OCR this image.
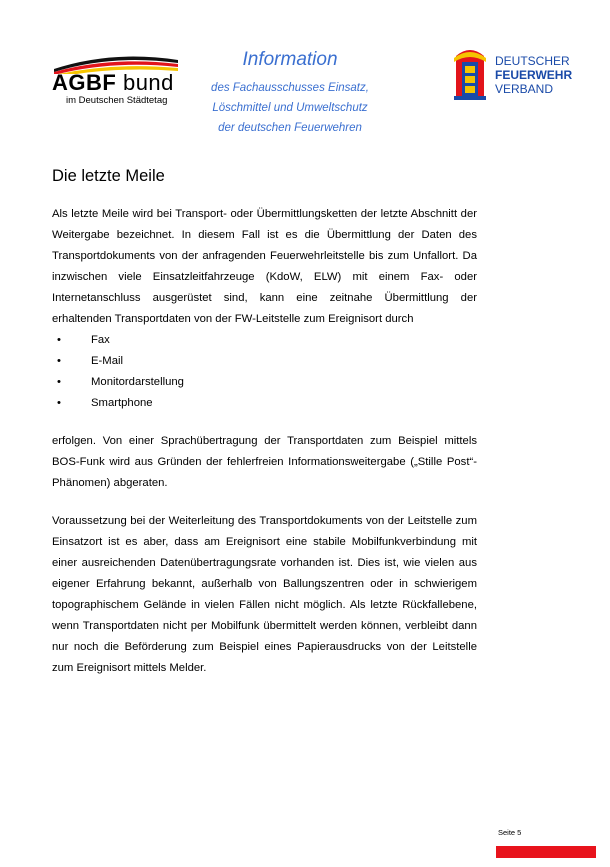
AGBF bund
im Deutschen Städtetag
Information
des Fachausschusses Einsatz,
Löschmittel und Umweltschutz
der deutschen Feuerwehren
DEUTSCHER
FEUERWEHR
VERBAND
Die letzte Meile

Als letzte Meile wird bei Transport- oder Übermittlungsketten der letzte Abschnitt der Weitergabe bezeichnet. In diesem Fall ist es die Übermittlung der Daten des Transportdokuments von der anfragenden Feuerwehrleitstelle bis zum Unfallort. Da inzwischen viele Einsatzleitfahrzeuge (KdoW, ELW) mit einem Fax- oder Internetanschluss ausgerüstet sind, kann eine zeitnahe Übermittlung der erhaltenden Transportdaten von der FW-Leitstelle zum Ereignisort durch

• Fax
• E-Mail
• Monitordarstellung
• Smartphone

erfolgen. Von einer Sprachübertragung der Transportdaten zum Beispiel mittels BOS-Funk wird aus Gründen der fehlerfreien Informationsweitergabe („Stille Post“-Phänomen) abgeraten.

Voraussetzung bei der Weiterleitung des Transportdokuments von der Leitstelle zum Einsatzort ist es aber, dass am Ereignisort eine stabile Mobilfunkverbindung mit einer ausreichenden Datenübertragungsrate vorhanden ist. Dies ist, wie vielen aus eigener Erfahrung bekannt, außerhalb von Ballungszentren oder in schwierigem topographischem Gelände in vielen Fällen nicht möglich. Als letzte Rückfallebene, wenn Transportdaten nicht per Mobilfunk übermittelt werden können, verbleibt dann nur noch die Beförderung zum Beispiel eines Papierausdrucks von der Leitstelle zum Ereignisort mittels Melder.

Seite 5
